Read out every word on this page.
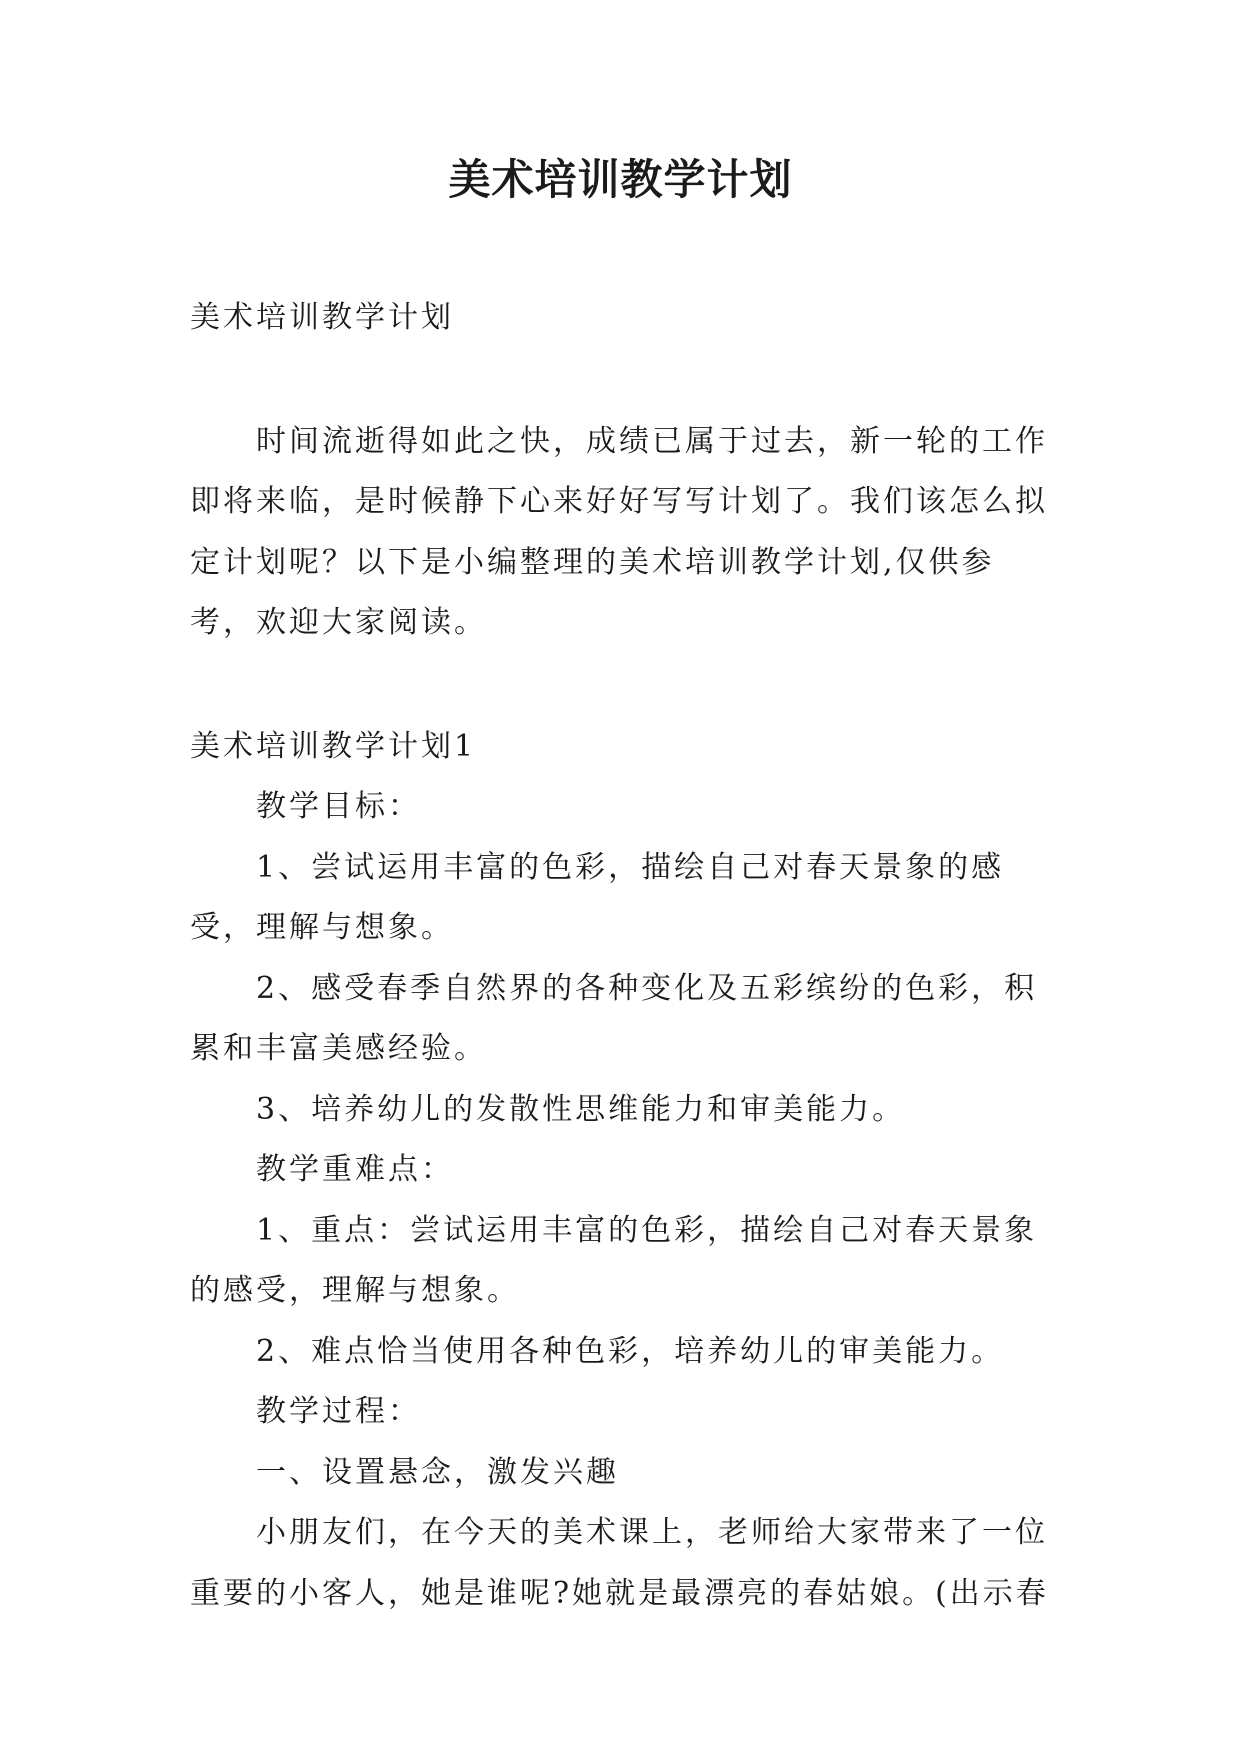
美术培训教学计划

美术培训教学计划

时间流逝得如此之快，成绩已属于过去，新一轮的工作即将来临，是时候静下心来好好写写计划了。我们该怎么拟定计划呢？以下是小编整理的美术培训教学计划,仅供参考，欢迎大家阅读。

美术培训教学计划1

教学目标：

1、尝试运用丰富的色彩，描绘自己对春天景象的感受，理解与想象。

2、感受春季自然界的各种变化及五彩缤纷的色彩，积累和丰富美感经验。

3、培养幼儿的发散性思维能力和审美能力。

教学重难点：

1、重点：尝试运用丰富的色彩，描绘自己对春天景象的感受，理解与想象。

2、难点恰当使用各种色彩，培养幼儿的审美能力。

教学过程：

一、设置悬念，激发兴趣

小朋友们，在今天的美术课上，老师给大家带来了一位重要的小客人，她是谁呢?她就是最漂亮的春姑娘。(出示春
